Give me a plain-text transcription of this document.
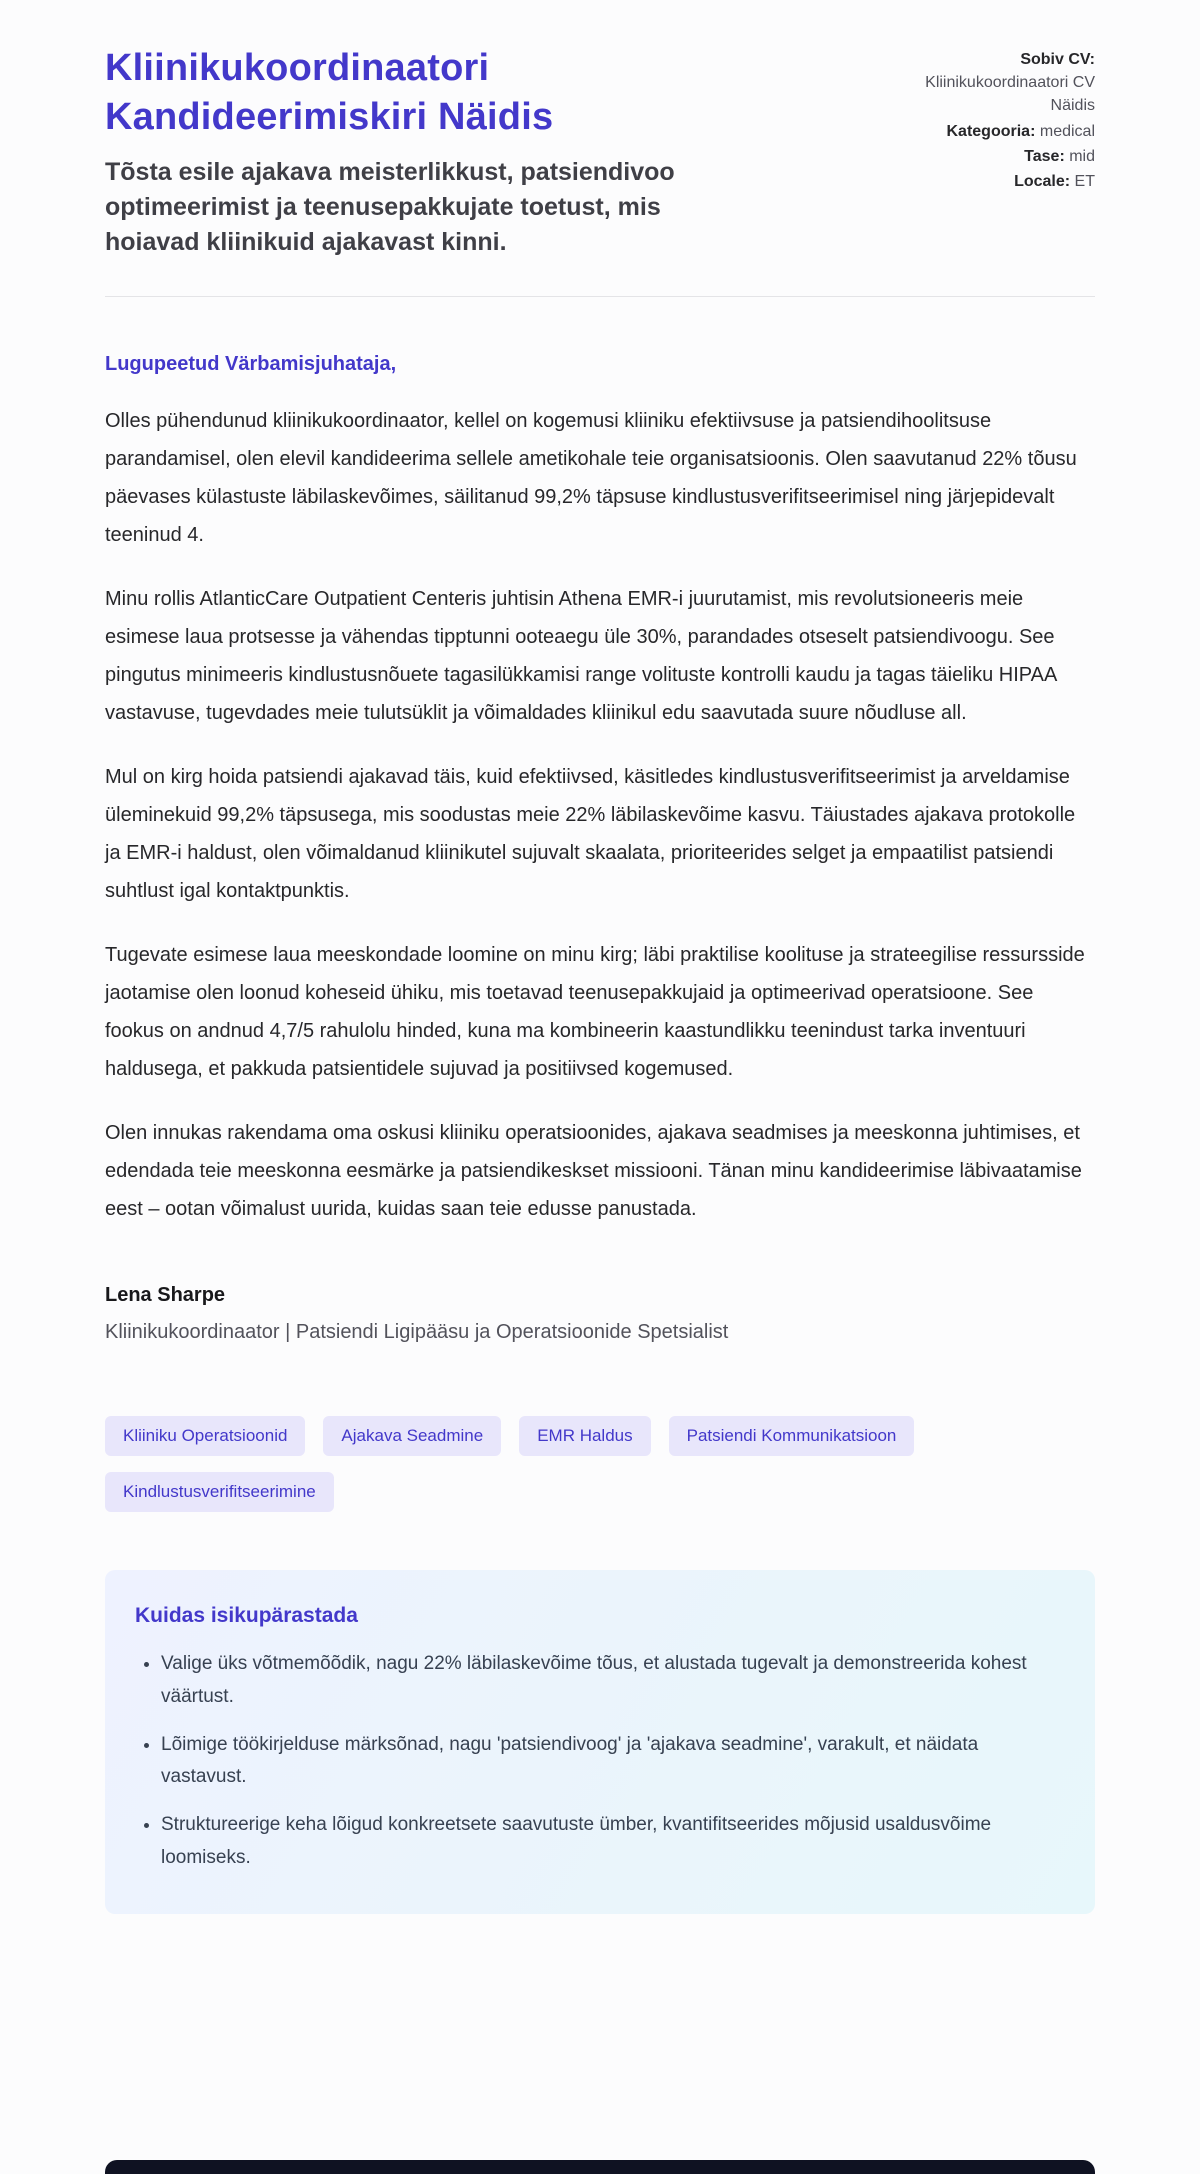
Kliinikukoordinaatori Kandideerimiskiri Näidis

Tõsta esile ajakava meisterlikkust, patsiendivoo optimeerimist ja teenusepakkujate toetust, mis hoiavad kliinikuid ajakavast kinni.

Sobiv CV: Kliinikukoordinaatori CV Näidis
Kategooria: medical
Tase: mid
Locale: ET

Lugupeetud Värbamisjuhataja,

Olles pühendunud kliinikukoordinaator, kellel on kogemusi kliiniku efektiivsuse ja patsiendihoolitsuse parandamisel, olen elevil kandideerima sellele ametikohale teie organisatsioonis. Olen saavutanud 22% tõusu päevases külastuste läbilaskevõimes, säilitanud 99,2% täpsuse kindlustusverifitseerimisel ning järjepidevalt teeninud 4.

Minu rollis AtlanticCare Outpatient Centeris juhtisin Athena EMR-i juurutamist, mis revolutsioneeris meie esimese laua protsesse ja vähendas tipptunni ooteaegu üle 30%, parandades otseselt patsiendivoogu. See pingutus minimeeris kindlustusnõuete tagasilükkamisi range volituste kontrolli kaudu ja tagas täieliku HIPAA vastavuse, tugevdades meie tulutsüklit ja võimaldades kliinikul edu saavutada suure nõudluse all.

Mul on kirg hoida patsiendi ajakavad täis, kuid efektiivsed, käsitledes kindlustusverifitseerimist ja arveldamise üleminekuid 99,2% täpsusega, mis soodustas meie 22% läbilaskevõime kasvu. Täiustades ajakava protokolle ja EMR-i haldust, olen võimaldanud kliinikutel sujuvalt skaalata, prioriteerides selget ja empaatilist patsiendi suhtlust igal kontaktpunktis.

Tugevate esimese laua meeskondade loomine on minu kirg; läbi praktilise koolituse ja strateegilise ressursside jaotamise olen loonud koheseid ühiku, mis toetavad teenusepakkujaid ja optimeerivad operatsioone. See fookus on andnud 4,7/5 rahulolu hinded, kuna ma kombineerin kaastundlikku teenindust tarka inventuuri haldusega, et pakkuda patsientidele sujuvad ja positiivsed kogemused.

Olen innukas rakendama oma oskusi kliiniku operatsioonides, ajakava seadmises ja meeskonna juhtimises, et edendada teie meeskonna eesmärke ja patsiendikeskset missiooni. Tänan minu kandideerimise läbivaatamise eest – ootan võimalust uurida, kuidas saan teie edusse panustada.

Lena Sharpe

Kliinikukoordinaator | Patsiendi Ligipääsu ja Operatsioonide Spetsialist

Kliiniku Operatsioonid	Ajakava Seadmine	EMR Haldus	Patsiendi Kommunikatsioon
Kindlustusverifitseerimine
Kuidas isikupärastada
• Valige üks võtmemõõdik, nagu 22% läbilaskevõime tõus, et alustada tugevalt ja demonstreerida kohest väärtust.
• Lõimige töökirjelduse märksõnad, nagu 'patsiendivoog' ja 'ajakava seadmine', varakult, et näidata vastavust.
• Struktureerige keha lõigud konkreetsete saavutuste ümber, kvantifitseerides mõjusid usaldusvõime loomiseks.
